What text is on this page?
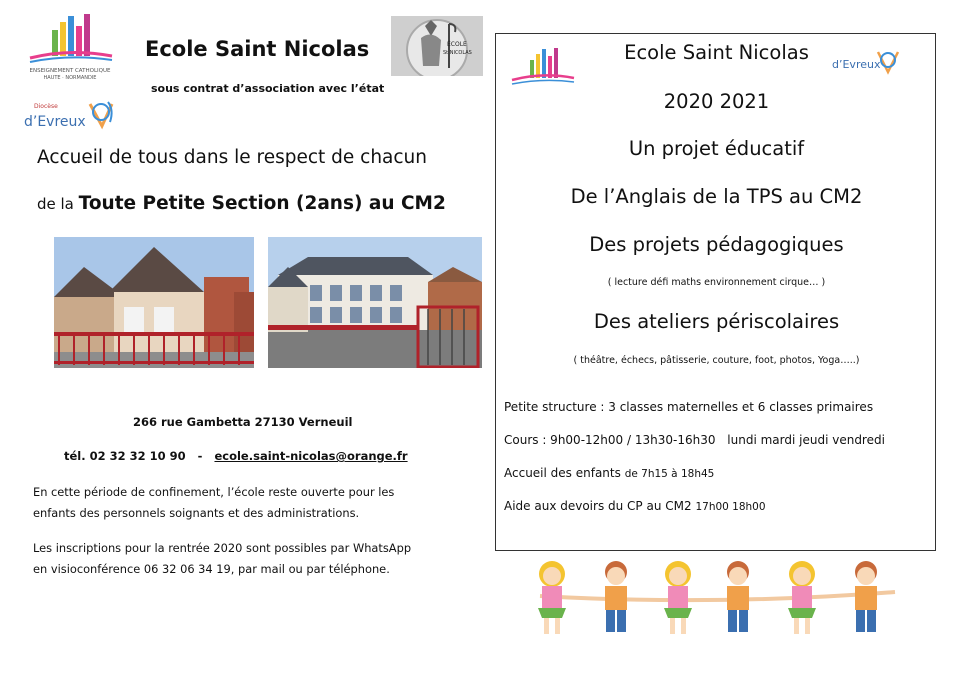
ENSEIGNEMENT CATHOLIQUE
HAUTE · NORMANDIE
Diocèse
d’Evreux
Ecole Saint Nicolas
sous contrat d’association avec l’état
ÉCOLE
St NICOLAS
Accueil de tous dans le respect de chacun
de la Toute Petite Section (2ans) au CM2
266 rue Gambetta 27130 Verneuil
tél. 02 32 32 10 90 - ecole.saint-nicolas@orange.fr
En cette période de confinement, l’école reste ouverte pour les
enfants des personnels soignants et des administrations.
Les inscriptions pour la rentrée 2020 sont possibles par WhatsApp
en visioconférence 06 32 06 34 19, par mail ou par téléphone.
d’Evreux
Ecole Saint Nicolas
2020 2021
Un projet éducatif
De l’Anglais de la TPS au CM2
Des projets pédagogiques
( lecture défi maths environnement cirque… )
Des ateliers périscolaires
( théâtre, échecs, pâtisserie, couture, foot, photos, Yoga…..)
Petite structure : 3 classes maternelles et 6 classes primaires
Cours : 9h00-12h00 / 13h30-16h30 lundi mardi jeudi vendredi
Accueil des enfants de 7h15 à 18h45
Aide aux devoirs du CP au CM2 17h00 18h00
